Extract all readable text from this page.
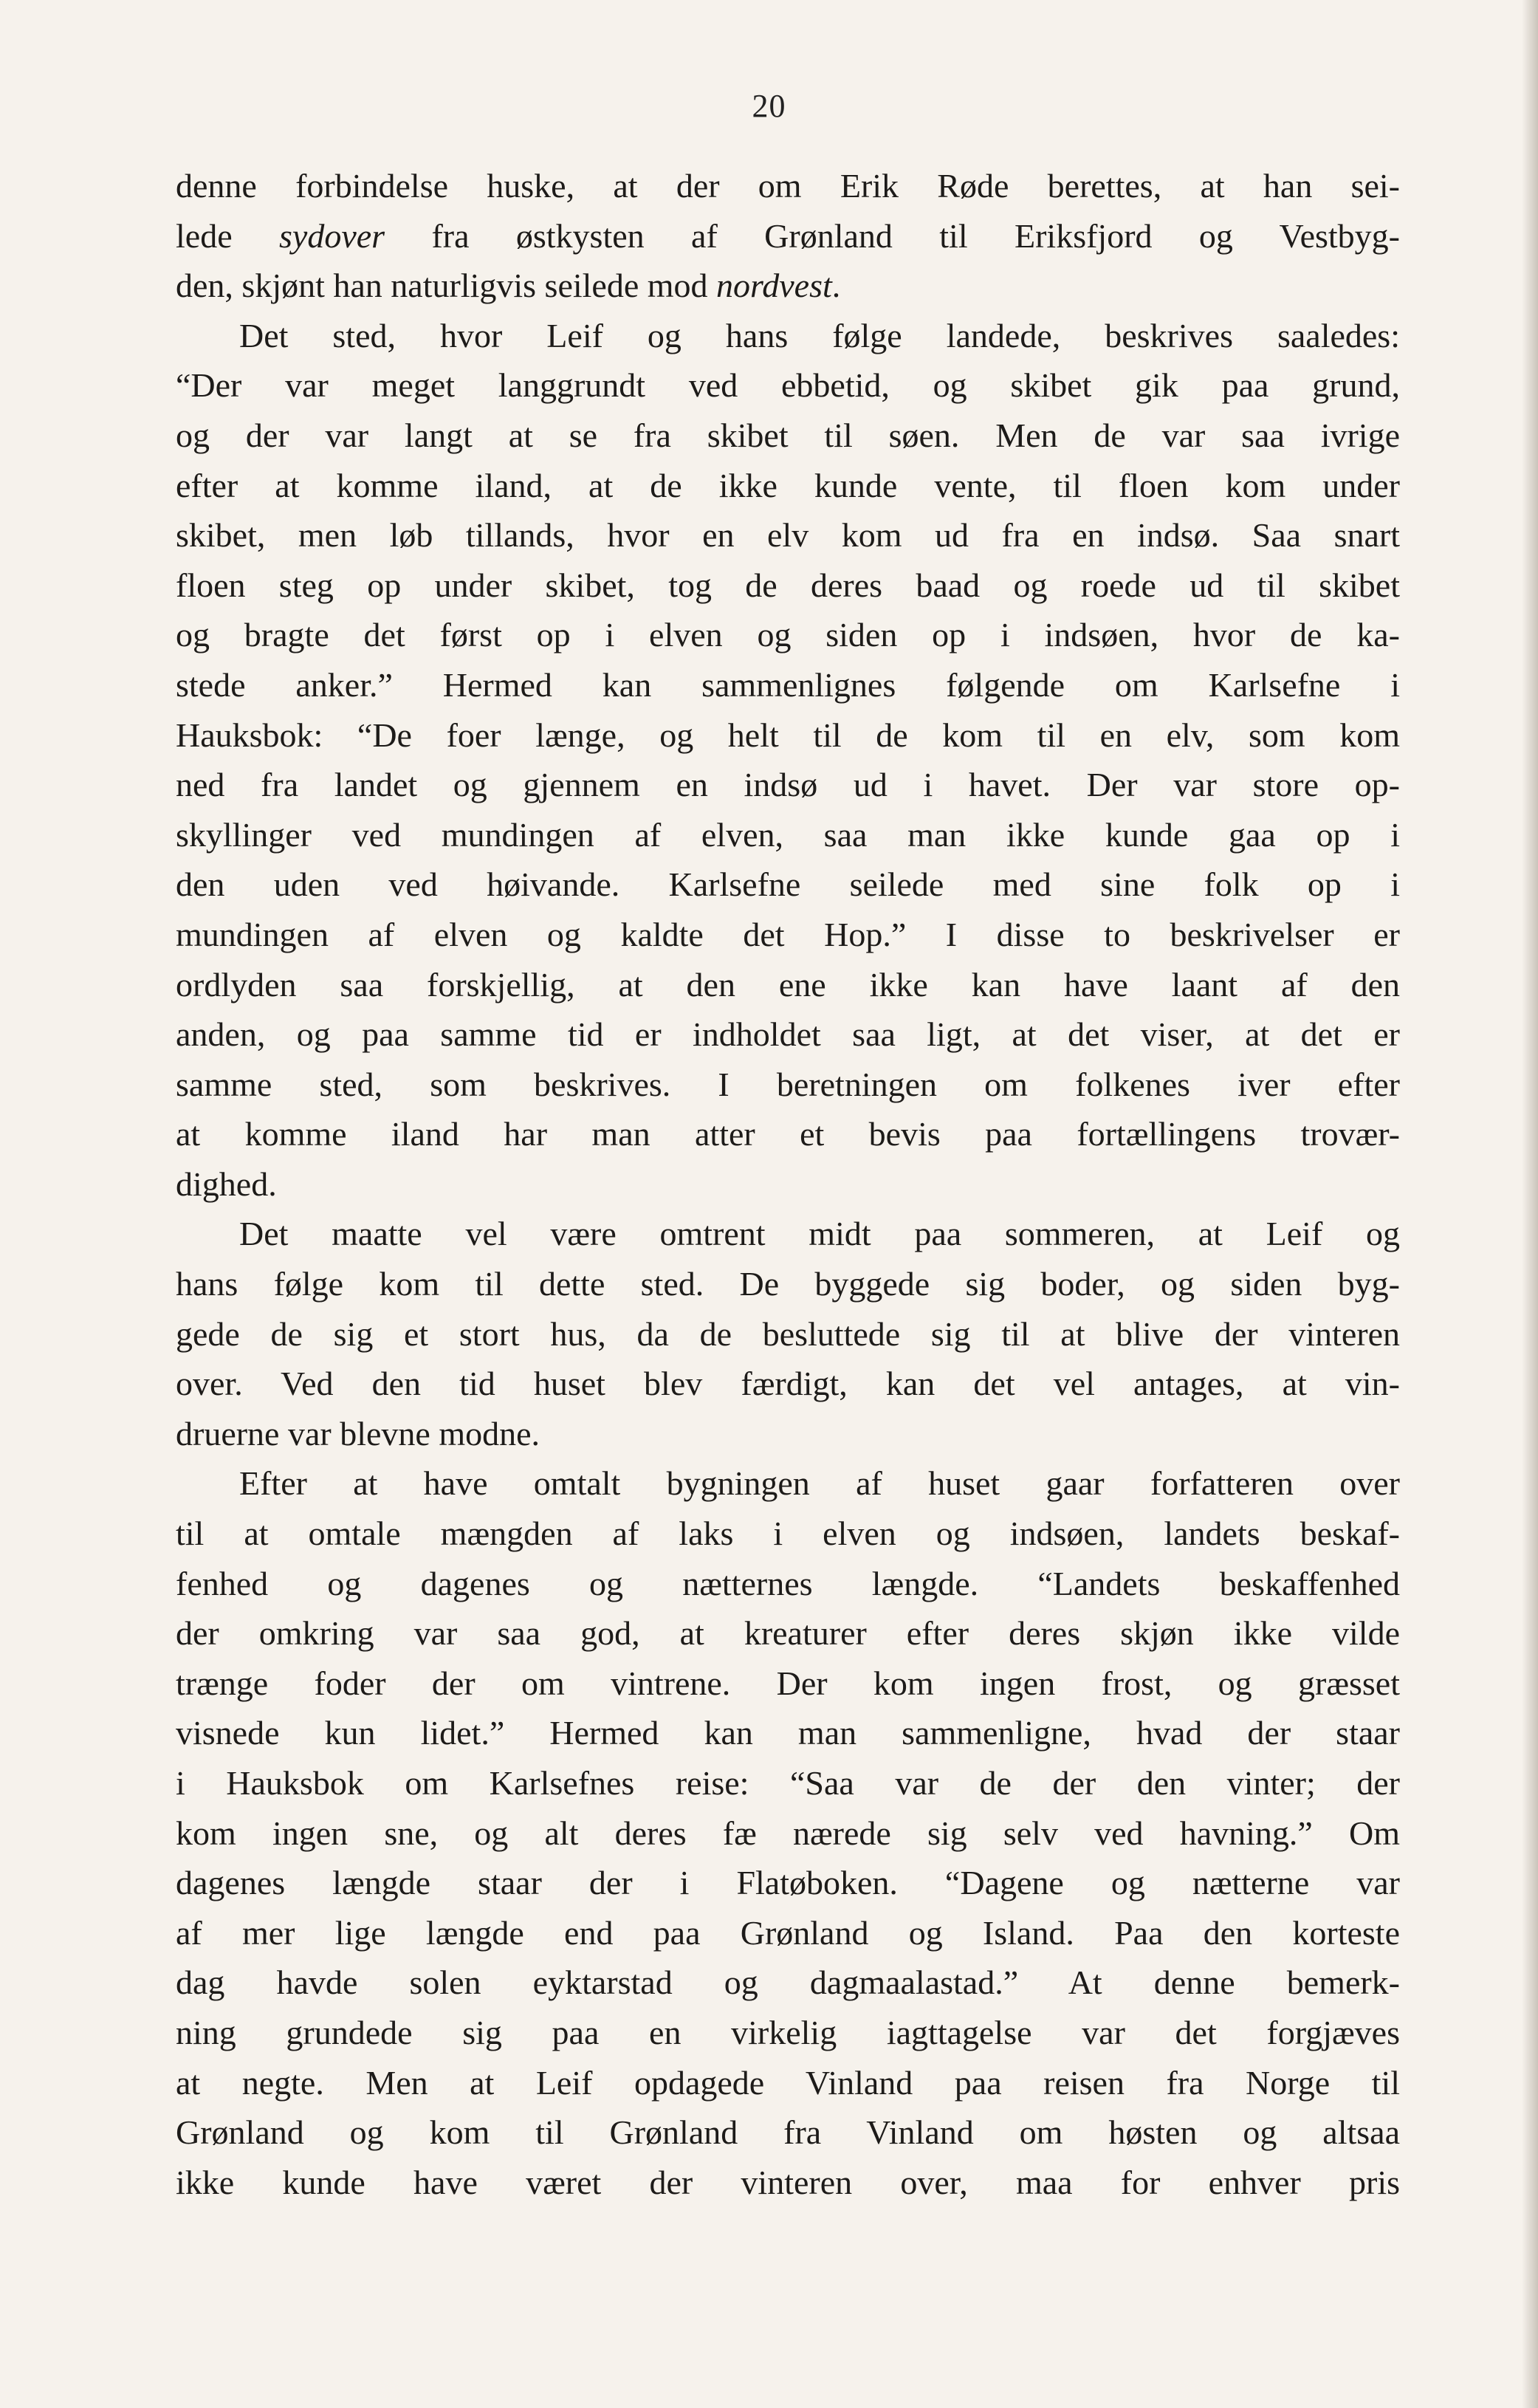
20
denne forbindelse huske, at der om Erik Røde berettes, at han sei-
lede sydover fra østkysten af Grønland til Eriksfjord og Vestbyg-
den, skjønt han naturligvis seilede mod nordvest.
Det sted, hvor Leif og hans følge landede, beskrives saaledes:
“Der var meget langgrundt ved ebbetid, og skibet gik paa grund,
og der var langt at se fra skibet til søen. Men de var saa ivrige
efter at komme iland, at de ikke kunde vente, til floen kom under
skibet, men løb tillands, hvor en elv kom ud fra en indsø. Saa snart
floen steg op under skibet, tog de deres baad og roede ud til skibet
og bragte det først op i elven og siden op i indsøen, hvor de ka-
stede anker.” Hermed kan sammenlignes følgende om Karlsefne i
Hauksbok: “De foer længe, og helt til de kom til en elv, som kom
ned fra landet og gjennem en indsø ud i havet. Der var store op-
skyllinger ved mundingen af elven, saa man ikke kunde gaa op i
den uden ved høivande. Karlsefne seilede med sine folk op i
mundingen af elven og kaldte det Hop.” I disse to beskrivelser er
ordlyden saa forskjellig, at den ene ikke kan have laant af den
anden, og paa samme tid er indholdet saa ligt, at det viser, at det er
samme sted, som beskrives. I beretningen om folkenes iver efter
at komme iland har man atter et bevis paa fortællingens trovær-
dighed.
Det maatte vel være omtrent midt paa sommeren, at Leif og
hans følge kom til dette sted. De byggede sig boder, og siden byg-
gede de sig et stort hus, da de besluttede sig til at blive der vinteren
over. Ved den tid huset blev færdigt, kan det vel antages, at vin-
druerne var blevne modne.
Efter at have omtalt bygningen af huset gaar forfatteren over
til at omtale mængden af laks i elven og indsøen, landets beskaf-
fenhed og dagenes og nætternes længde. “Landets beskaffenhed
der omkring var saa god, at kreaturer efter deres skjøn ikke vilde
trænge foder der om vintrene. Der kom ingen frost, og græsset
visnede kun lidet.” Hermed kan man sammenligne, hvad der staar
i Hauksbok om Karlsefnes reise: “Saa var de der den vinter; der
kom ingen sne, og alt deres fæ nærede sig selv ved havning.” Om
dagenes længde staar der i Flatøboken. “Dagene og nætterne var
af mer lige længde end paa Grønland og Island. Paa den korteste
dag havde solen eyktarstad og dagmaalastad.” At denne bemerk-
ning grundede sig paa en virkelig iagttagelse var det forgjæves
at negte. Men at Leif opdagede Vinland paa reisen fra Norge til
Grønland og kom til Grønland fra Vinland om høsten og altsaa
ikke kunde have været der vinteren over, maa for enhver pris
